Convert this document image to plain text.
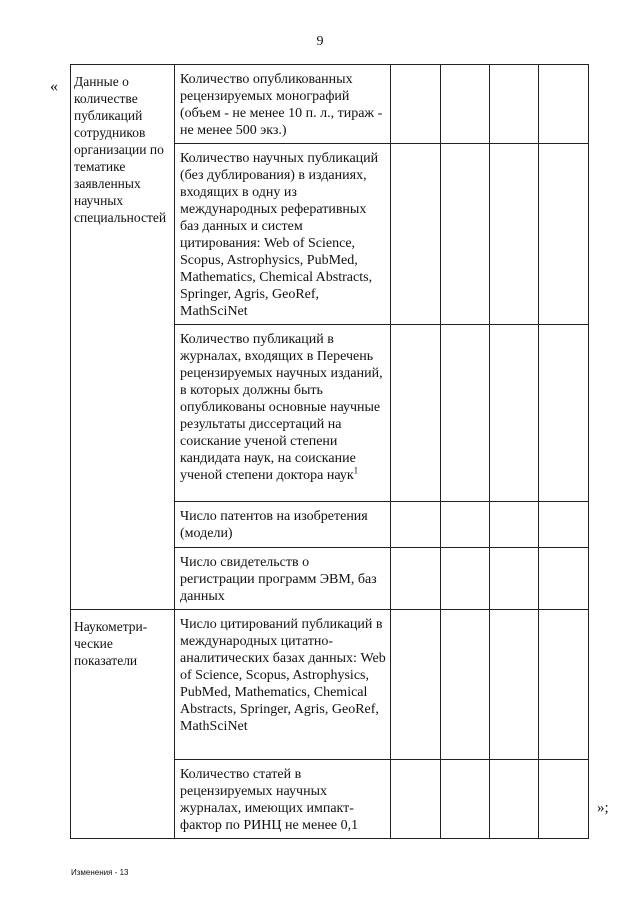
9
« Данные о количестве публикаций сотрудников организации по тематике заявленных научных специальностей	Количество опубликованных рецензируемых монографий (объем - не менее 10 п. л., тираж - не менее 500 экз.)				
	Количество научных публикаций (без дублирования) в изданиях, входящих в одну из международных реферативных баз данных и систем цитирования: Web of Science, Scopus, Astrophysics, PubMed, Mathematics, Chemical Abstracts, Springer, Agris, GeoRef, MathSciNet				
	Количество публикаций в журналах, входящих в Перечень рецензируемых научных изданий, в которых должны быть опубликованы основные научные результаты диссертаций на соискание ученой степени кандидата наук, на соискание ученой степени доктора наук$^1$				
	Число патентов на изобретения (модели)				
	Число свидетельств о регистрации программ ЭВМ, баз данных				
Наукометри-ческие показатели	Число цитирований публикаций в международных цитатно-аналитических базах данных: Web of Science, Scopus, Astrophysics, PubMed, Mathematics, Chemical Abstracts, Springer, Agris, GeoRef, MathSciNet				
	Количество статей в рецензируемых научных журналах, имеющих импакт-фактор по РИНЦ не менее 0,1				
»;
Изменения - 13
